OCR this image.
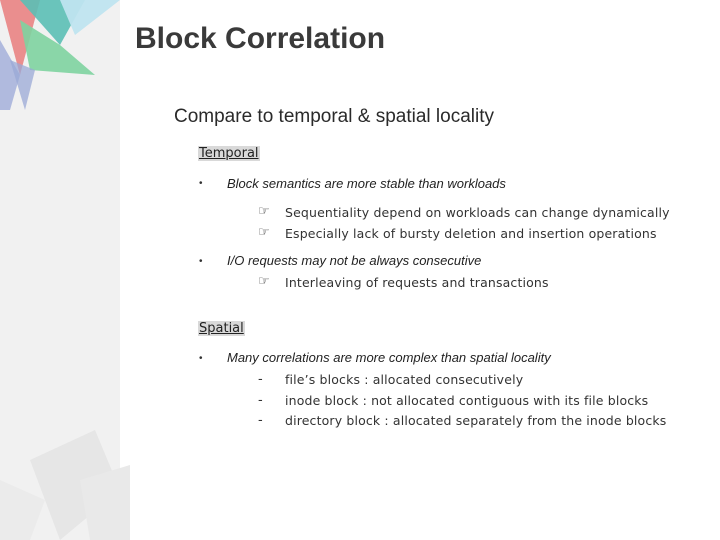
Block Correlation
Compare to temporal & spatial locality
Temporal
• Block semantics are more stable than workloads
☞ Sequentiality depend on workloads can change dynamically
☞ Especially lack of bursty deletion and insertion operations
• I/O requests may not be always consecutive
☞ Interleaving of requests and transactions
Spatial
• Many correlations are more complex than spatial locality
- file’s blocks : allocated consecutively
- inode block : not allocated contiguous with its file blocks
- directory block : allocated separately from the inode blocks
